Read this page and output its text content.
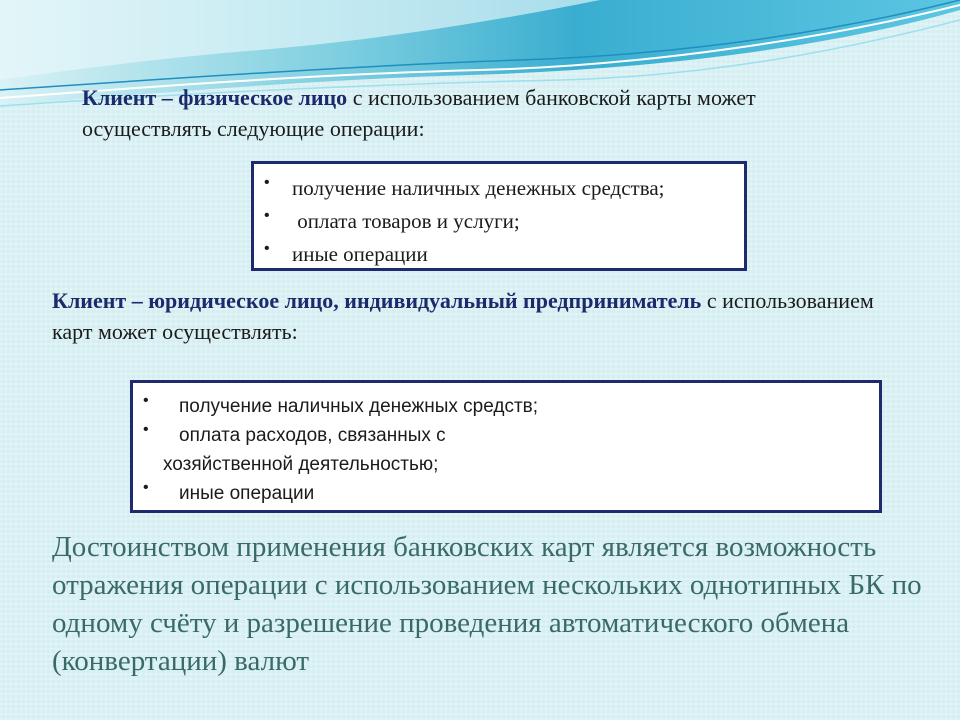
Клиент – физическое лицо с использованием банковской карты может осуществлять следующие операции:

• получение наличных денежных средства;
• оплата товаров и услуги;
• иные операции

Клиент – юридическое лицо, индивидуальный предприниматель с использованием карт может осуществлять:

• получение наличных денежных средств;
• оплата расходов, связанных с
хозяйственной деятельностью;
• иные операции

Достоинством применения банковских карт является возможность отражения операции с использованием нескольких однотипных БК по одному счёту и разрешение проведения автоматического обмена (конвертации) валют
